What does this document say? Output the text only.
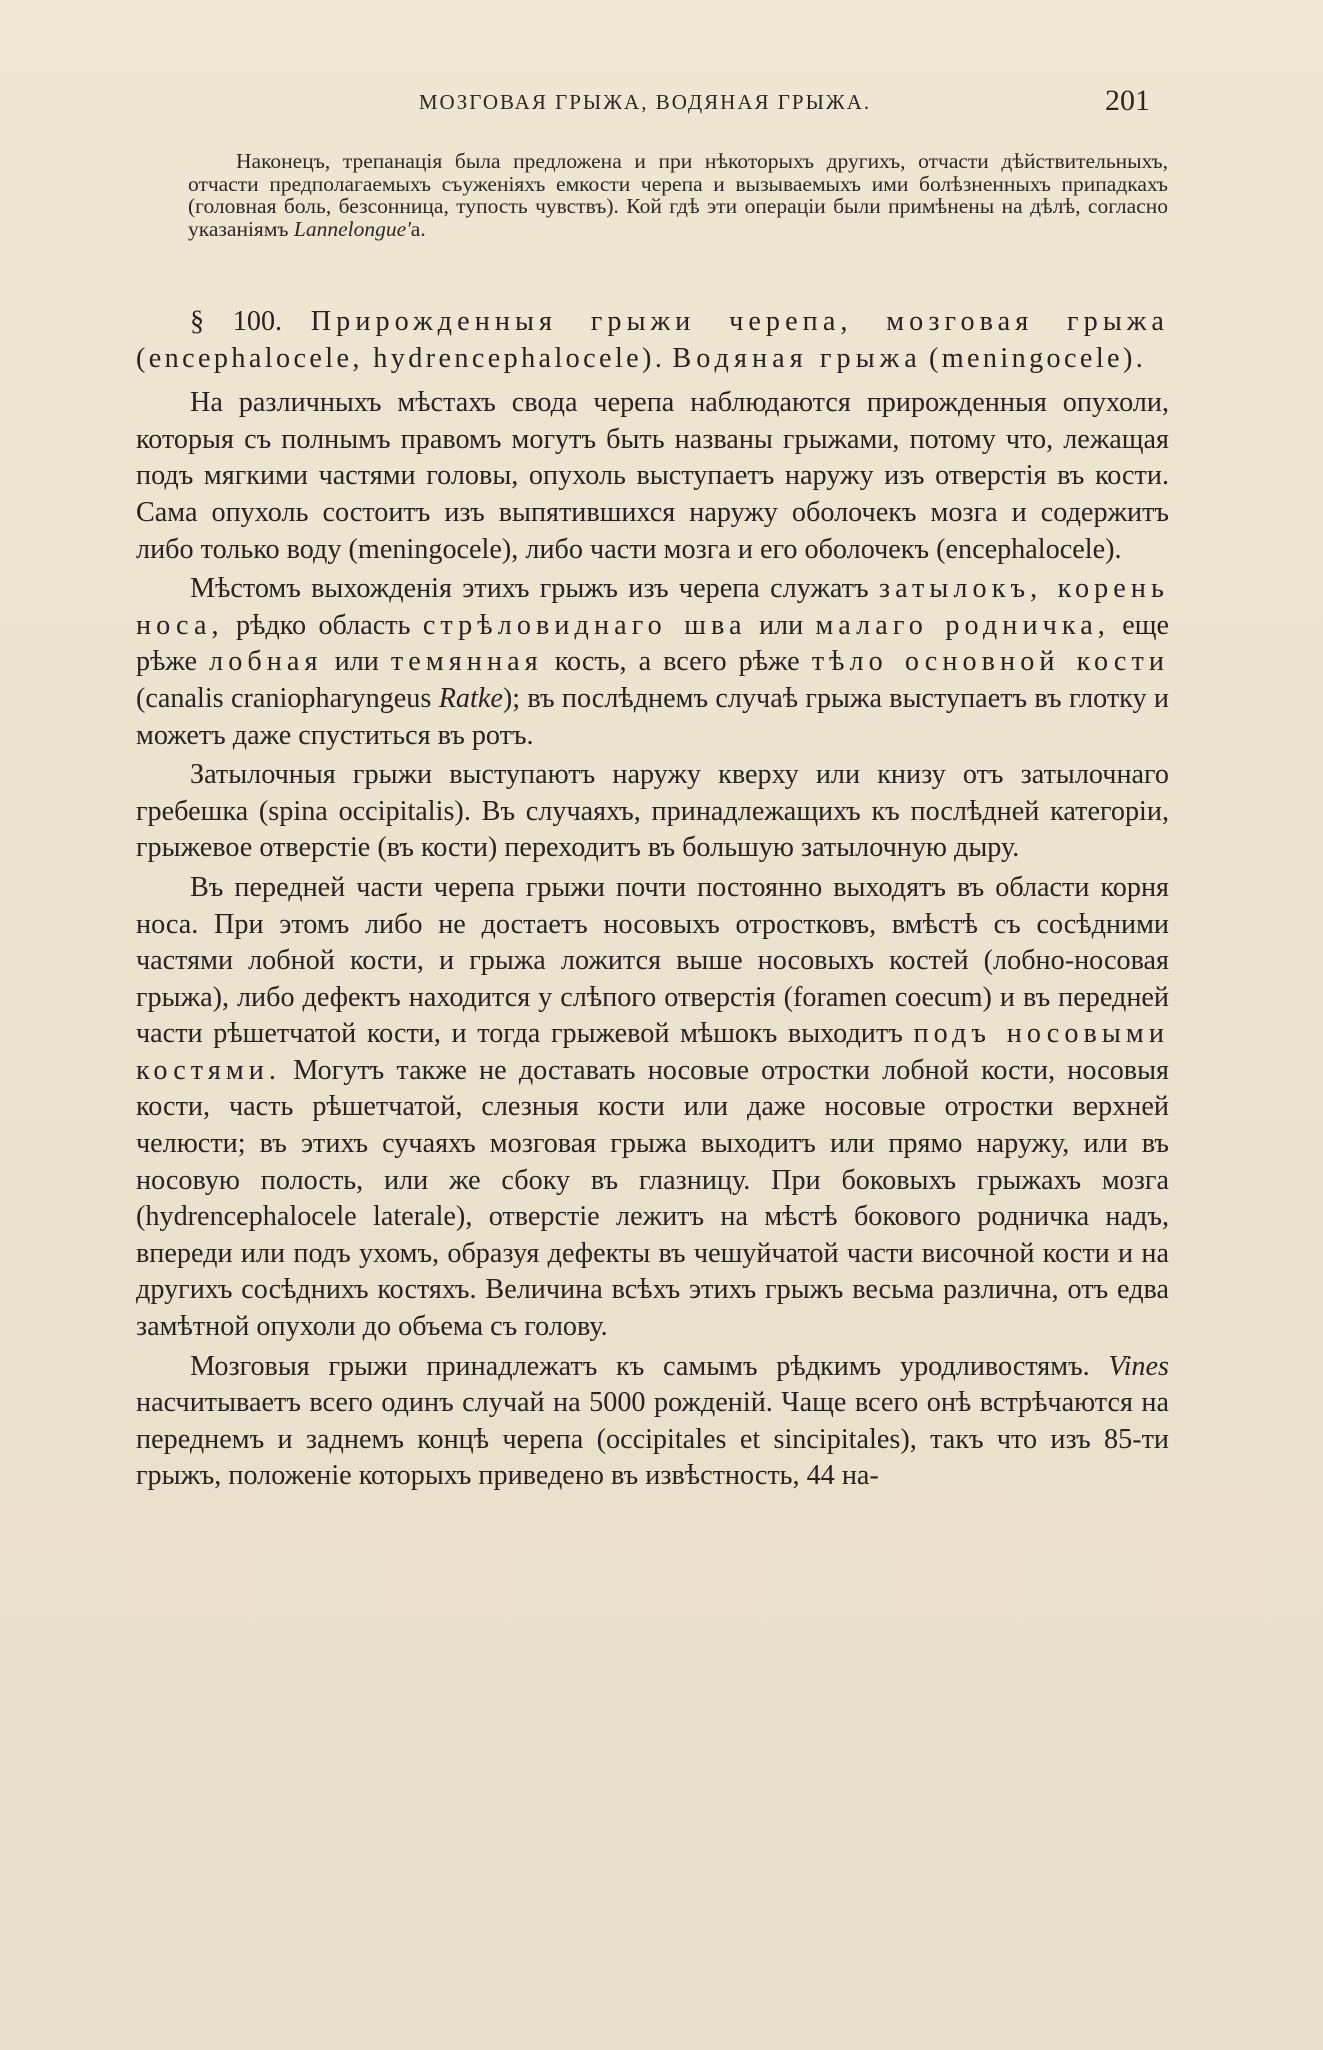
МОЗГОВАЯ ГРЫЖА, ВОДЯНАЯ ГРЫЖА.	201

Наконецъ, трепанація была предложена и при нѣкоторыхъ другихъ, отчасти дѣйствительныхъ, отчасти предполагаемыхъ съуженіяхъ емкости черепа и вызываемыхъ ими болѣзненныхъ припадкахъ (головная боль, безсонница, тупость чувствъ). Кой гдѣ эти операціи были примѣнены на дѣлѣ, согласно указаніямъ Lannelongue'а.

§ 100. Прирожденныя грыжи черепа, мозговая грыжа (encephalocele, hydrencephalocele). Водяная грыжа (meningocele).

На различныхъ мѣстахъ свода черепа наблюдаются прирожденныя опухоли, которыя съ полнымъ правомъ могутъ быть названы грыжами, потому что, лежащая подъ мягкими частями головы, опухоль выступаетъ наружу изъ отверстія въ кости. Сама опухоль состоитъ изъ выпятившихся наружу оболочекъ мозга и содержитъ либо только воду (meningocele), либо части мозга и его оболочекъ (encephalocele).

Мѣстомъ выхожденія этихъ грыжъ изъ черепа служатъ затылокъ, корень носа, рѣдко область стрѣловиднаго шва или малаго родничка, еще рѣже лобная или темянная кость, а всего рѣже тѣло основной кости (canalis craniopharyngeus Ratke); въ послѣднемъ случаѣ грыжа выступаетъ въ глотку и можетъ даже спуститься въ ротъ.

Затылочныя грыжи выступаютъ наружу кверху или книзу отъ затылочнаго гребешка (spina occipitalis). Въ случаяхъ, принадлежащихъ къ послѣдней категоріи, грыжевое отверстіе (въ кости) переходитъ въ большую затылочную дыру.

Въ передней части черепа грыжи почти постоянно выходятъ въ области корня носа. При этомъ либо не достаетъ носовыхъ отростковъ, вмѣстѣ съ сосѣдними частями лобной кости, и грыжа ложится выше носовыхъ костей (лобно-носовая грыжа), либо дефектъ находится у слѣпого отверстія (foramen coecum) и въ передней части рѣшетчатой кости, и тогда грыжевой мѣшокъ выходитъ подъ носовыми костями. Могутъ также не доставать носовые отростки лобной кости, носовыя кости, часть рѣшетчатой, слезныя кости или даже носовые отростки верхней челюсти; въ этихъ сучаяхъ мозговая грыжа выходитъ или прямо наружу, или въ носовую полость, или же сбоку въ глазницу. При боковыхъ грыжахъ мозга (hydrencephalocele laterale), отверстіе лежитъ на мѣстѣ бокового родничка надъ, впереди или подъ ухомъ, образуя дефекты въ чешуйчатой части височной кости и на другихъ сосѣднихъ костяхъ. Величина всѣхъ этихъ грыжъ весьма различна, отъ едва замѣтной опухоли до объема съ голову.

Мозговыя грыжи принадлежатъ къ самымъ рѣдкимъ уродливостямъ. Vines насчитываетъ всего одинъ случай на 5000 рожденій. Чаще всего онѣ встрѣчаются на переднемъ и заднемъ концѣ черепа (occipitales et sincipitales), такъ что изъ 85-ти грыжъ, положеніе которыхъ приведено въ извѣстность, 44 на-
